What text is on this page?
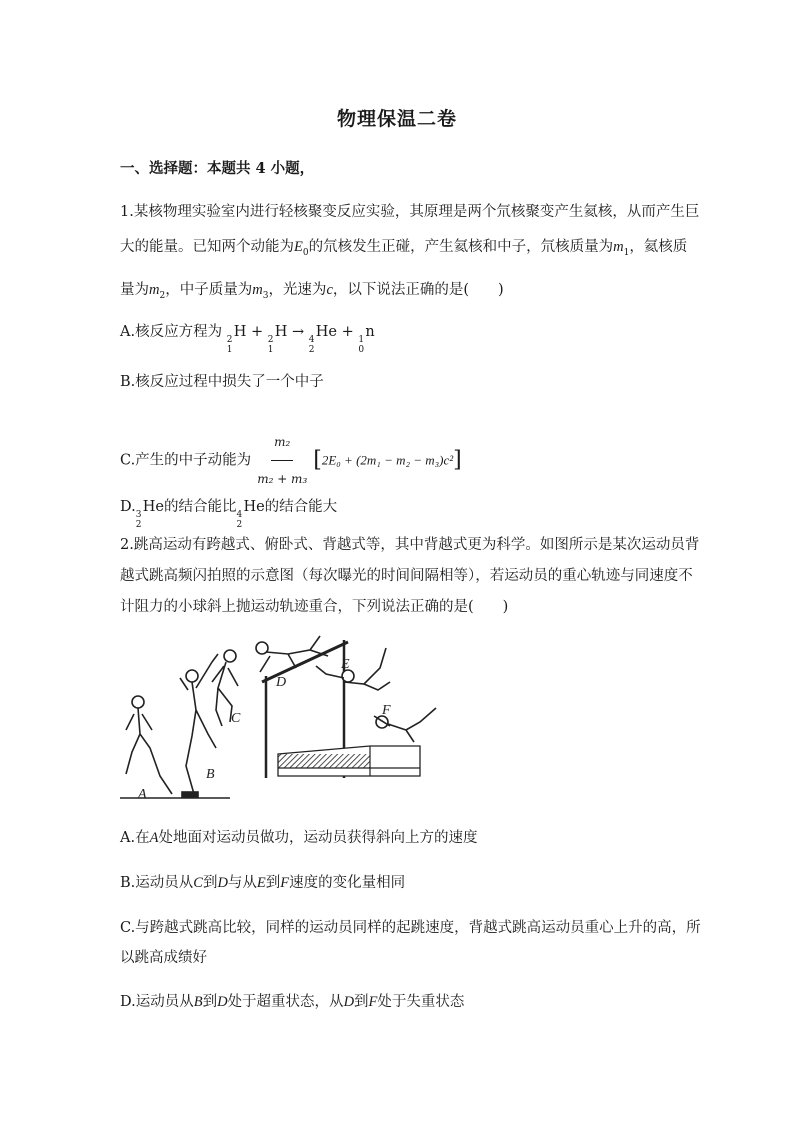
物理保温二卷
一、选择题：本题共 4 小题，
1.某核物理实验室内进行轻核聚变反应实验，其原理是两个氘核聚变产生氦核，从而产生巨
大的能量。已知两个动能为$E_0$的氘核发生正碰，产生氦核和中子，氘核质量为$m_1$，氦核质
量为$m_2$，中子质量为$m_3$，光速为c，以下说法正确的是(　　)
A.核反应方程为 2
1
H + 2
1
H → 4
2
He + 1
0
n
B.核反应过程中损失了一个中子
C.产生的中子动能为 $\frac{\text{m₂}}{\text{m₂ + m₃}} [2E_0 + (2m_1 - m_2 - m_3)c^2]$
D. 3
2
He的结合能比 4
2
He的结合能大
2.跳高运动有跨越式、俯卧式、背越式等，其中背越式更为科学。如图所示是某次运动员背
越式跳高频闪拍照的示意图（每次曝光的时间间隔相等），若运动员的重心轨迹与同速度不
计阻力的小球斜上抛运动轨迹重合，下列说法正确的是(　　)
A
B
C
D
E
F
A.在A处地面对运动员做功，运动员获得斜向上方的速度
B.运动员从C到D与从E到F速度的变化量相同
C.与跨越式跳高比较，同样的运动员同样的起跳速度，背越式跳高运动员重心上升的高，所
以跳高成绩好
D.运动员从B到D处于超重状态，从D到F处于失重状态
